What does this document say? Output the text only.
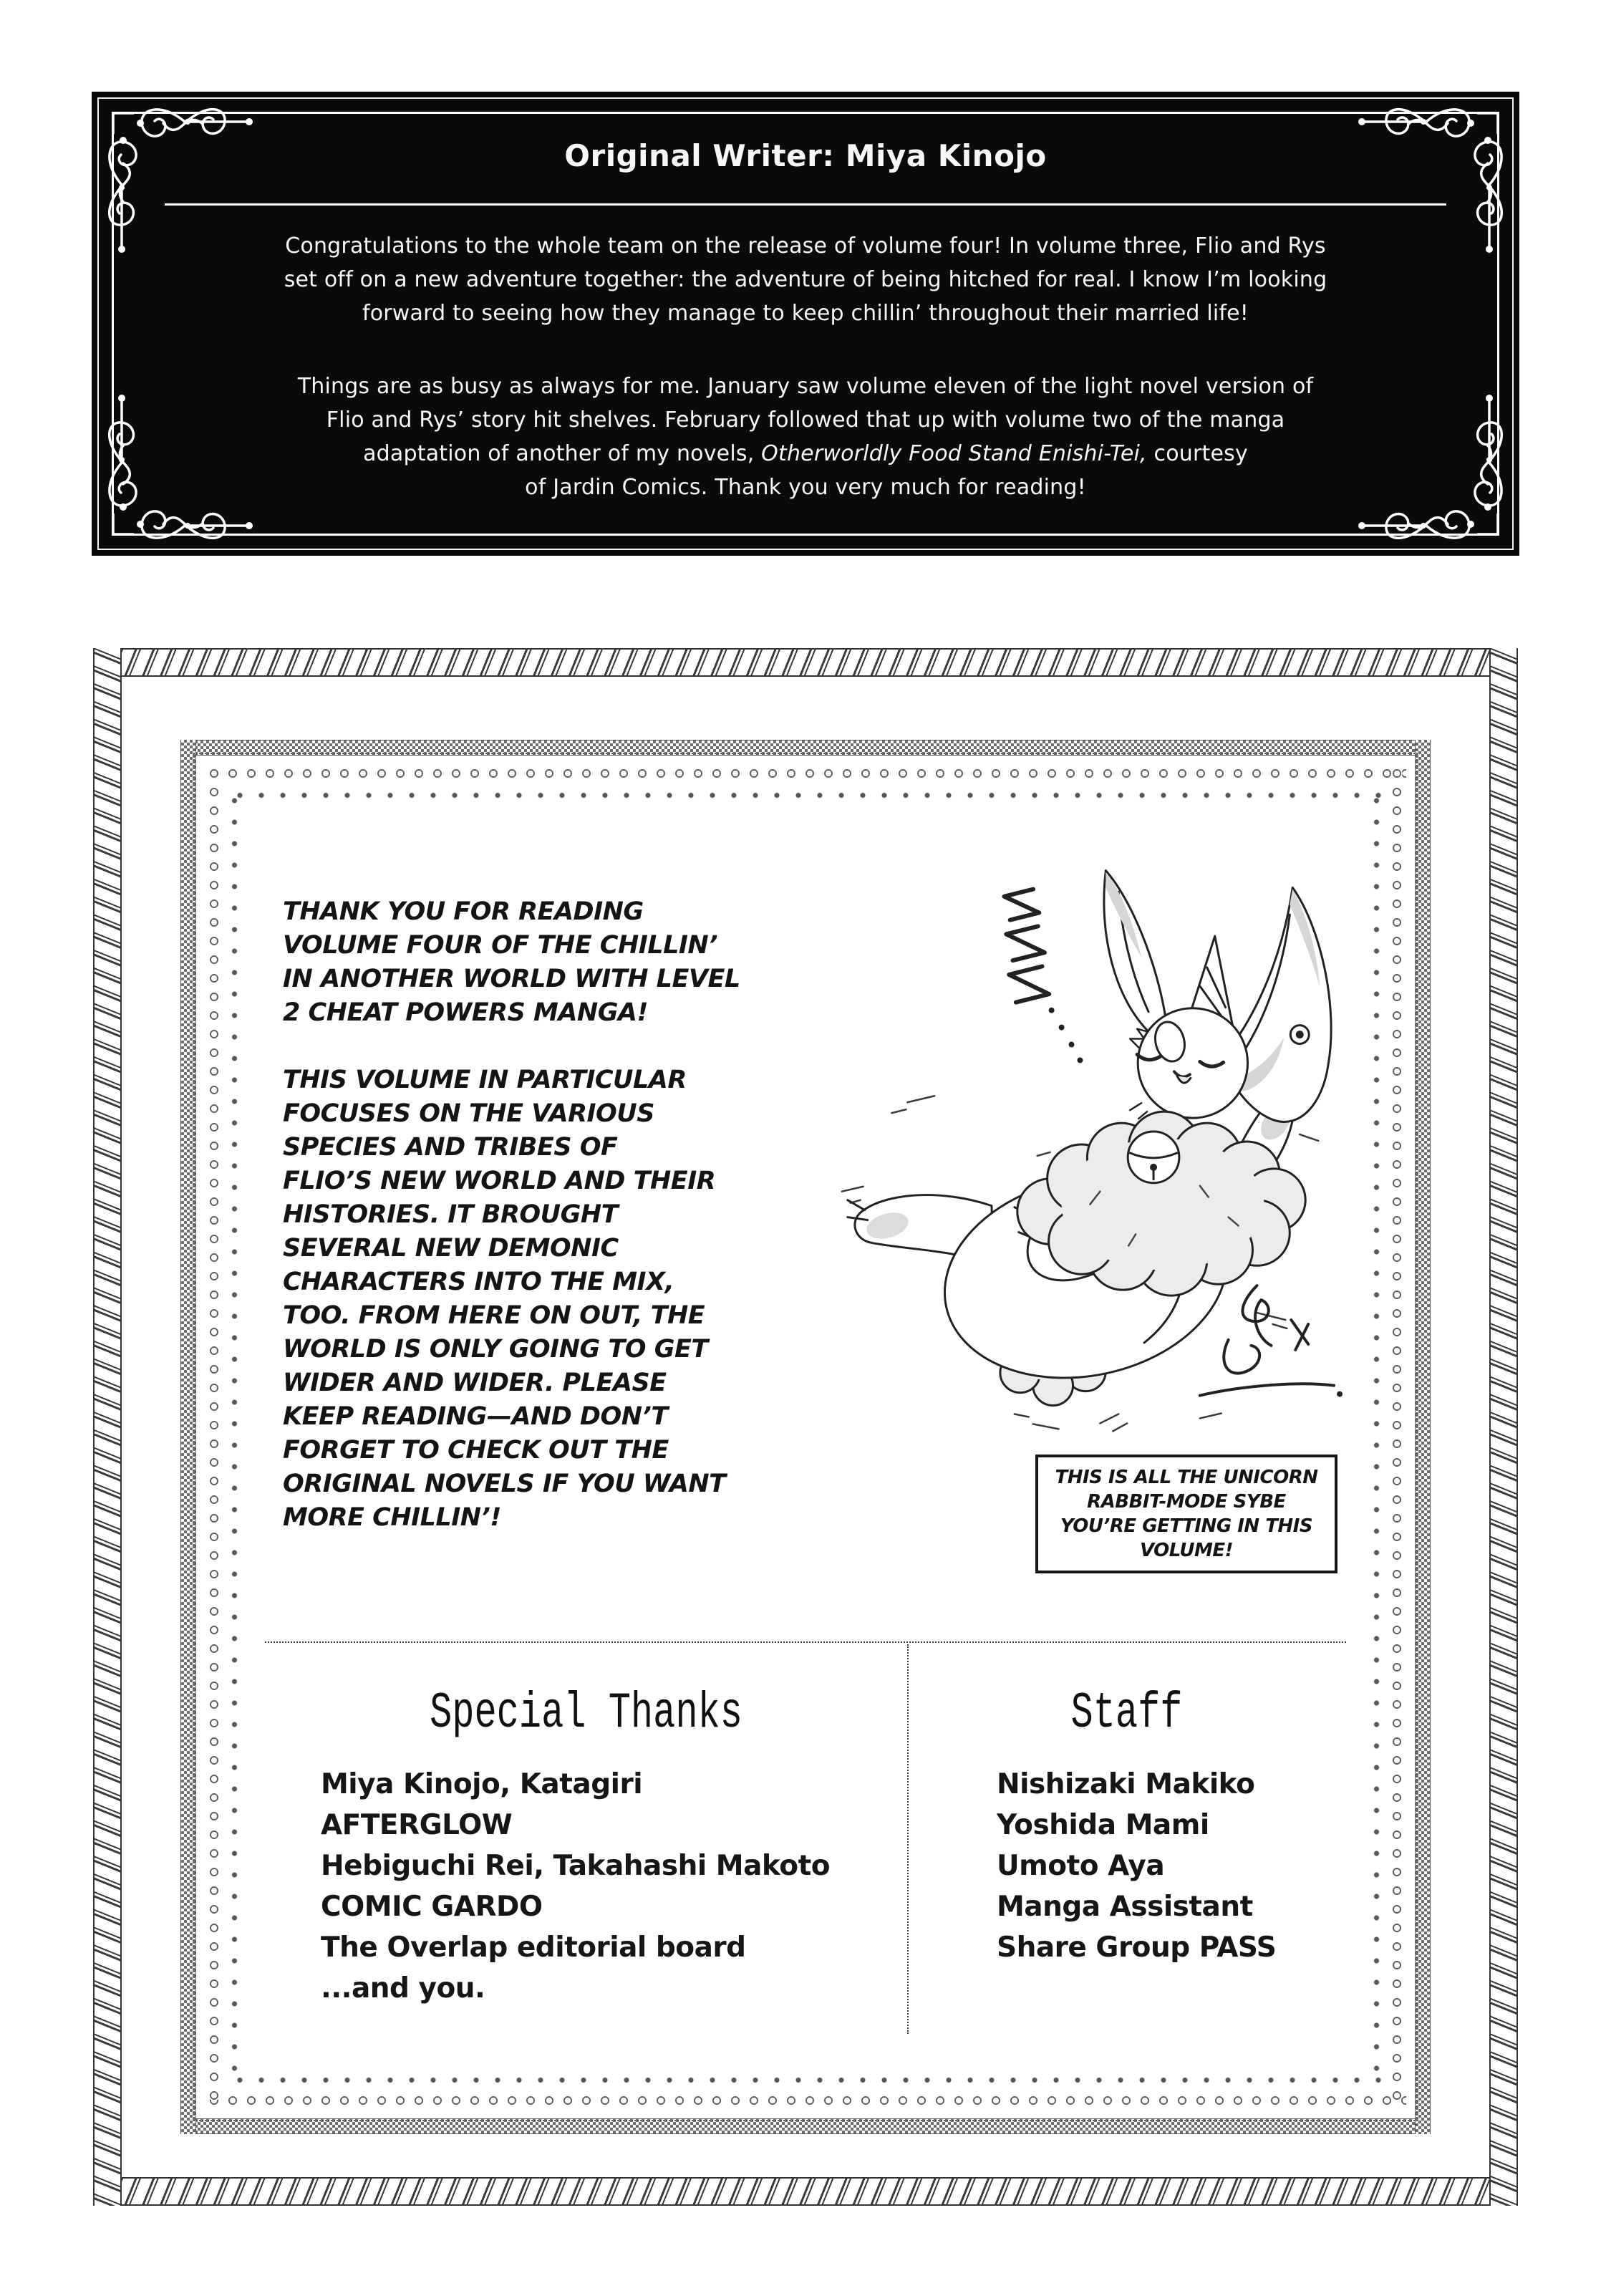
Original Writer: Miya Kinojo
Congratulations to the whole team on the release of volume four! In volume three, Flio and Rys
set off on a new adventure together: the adventure of being hitched for real. I know I’m looking
forward to seeing how they manage to keep chillin’ throughout their married life!
Things are as busy as always for me. January saw volume eleven of the light novel version of
Flio and Rys’ story hit shelves. February followed that up with volume two of the manga
adaptation of another of my novels, Otherworldly Food Stand Enishi-Tei, courtesy
of Jardin Comics. Thank you very much for reading!
THANK YOU FOR READING
VOLUME FOUR OF THE CHILLIN’
IN ANOTHER WORLD WITH LEVEL
2 CHEAT POWERS MANGA!
THIS VOLUME IN PARTICULAR
FOCUSES ON THE VARIOUS
SPECIES AND TRIBES OF
FLIO’S NEW WORLD AND THEIR
HISTORIES. IT BROUGHT
SEVERAL NEW DEMONIC
CHARACTERS INTO THE MIX,
TOO. FROM HERE ON OUT, THE
WORLD IS ONLY GOING TO GET
WIDER AND WIDER. PLEASE
KEEP READING—AND DON’T
FORGET TO CHECK OUT THE
ORIGINAL NOVELS IF YOU WANT
MORE CHILLIN’!
THIS IS ALL THE UNICORN
RABBIT-MODE SYBE
YOU’RE GETTING IN THIS
VOLUME!
Special Thanks
Miya Kinojo, Katagiri
AFTERGLOW
Hebiguchi Rei, Takahashi Makoto
COMIC GARDO
The Overlap editorial board
...and you.
Staff
Nishizaki Makiko
Yoshida Mami
Umoto Aya
Manga Assistant
Share Group PASS
